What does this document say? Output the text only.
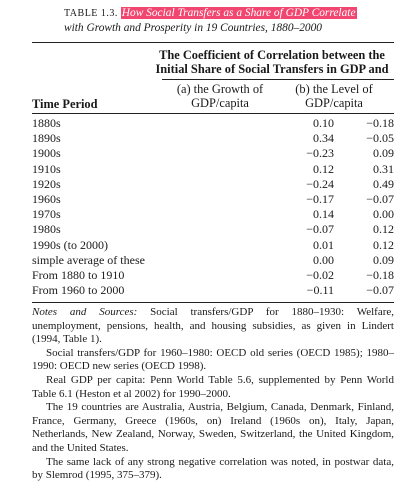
TABLE 1.3. How Social Transfers as a Share of GDP Correlate
with Growth and Prosperity in 19 Countries, 1880–2000
The Coefficient of Correlation between the
Initial Share of Social Transfers in GDP and
Time Period
(a) the Growth of
GDP/capita
(b) the Level of
GDP/capita
1880s	0.10	−0.18
1890s	0.34	−0.05
1900s	−0.23	0.09
1910s	0.12	0.31
1920s	−0.24	0.49
1960s	−0.17	−0.07
1970s	0.14	0.00
1980s	−0.07	0.12
1990s (to 2000)	0.01	0.12
simple average of these	0.00	0.09
From 1880 to 1910	−0.02	−0.18
From 1960 to 2000	−0.11	−0.07

Notes and Sources: Social transfers/GDP for 1880–1930: Welfare, unemployment, pensions, health, and housing subsidies, as given in Lindert (1994, Table 1).

Social transfers/GDP for 1960–1980: OECD old series (OECD 1985); 1980–1990: OECD new series (OECD 1998).

Real GDP per capita: Penn World Table 5.6, supplemented by Penn World Table 6.1 (Heston et al 2002) for 1990–2000.

The 19 countries are Australia, Austria, Belgium, Canada, Denmark, Finland, France, Germany, Greece (1960s, on) Ireland (1960s on), Italy, Japan, Netherlands, New Zealand, Norway, Sweden, Switzerland, the United Kingdom, and the United States.

The same lack of any strong negative correlation was noted, in postwar data, by Slemrod (1995, 375–379).
